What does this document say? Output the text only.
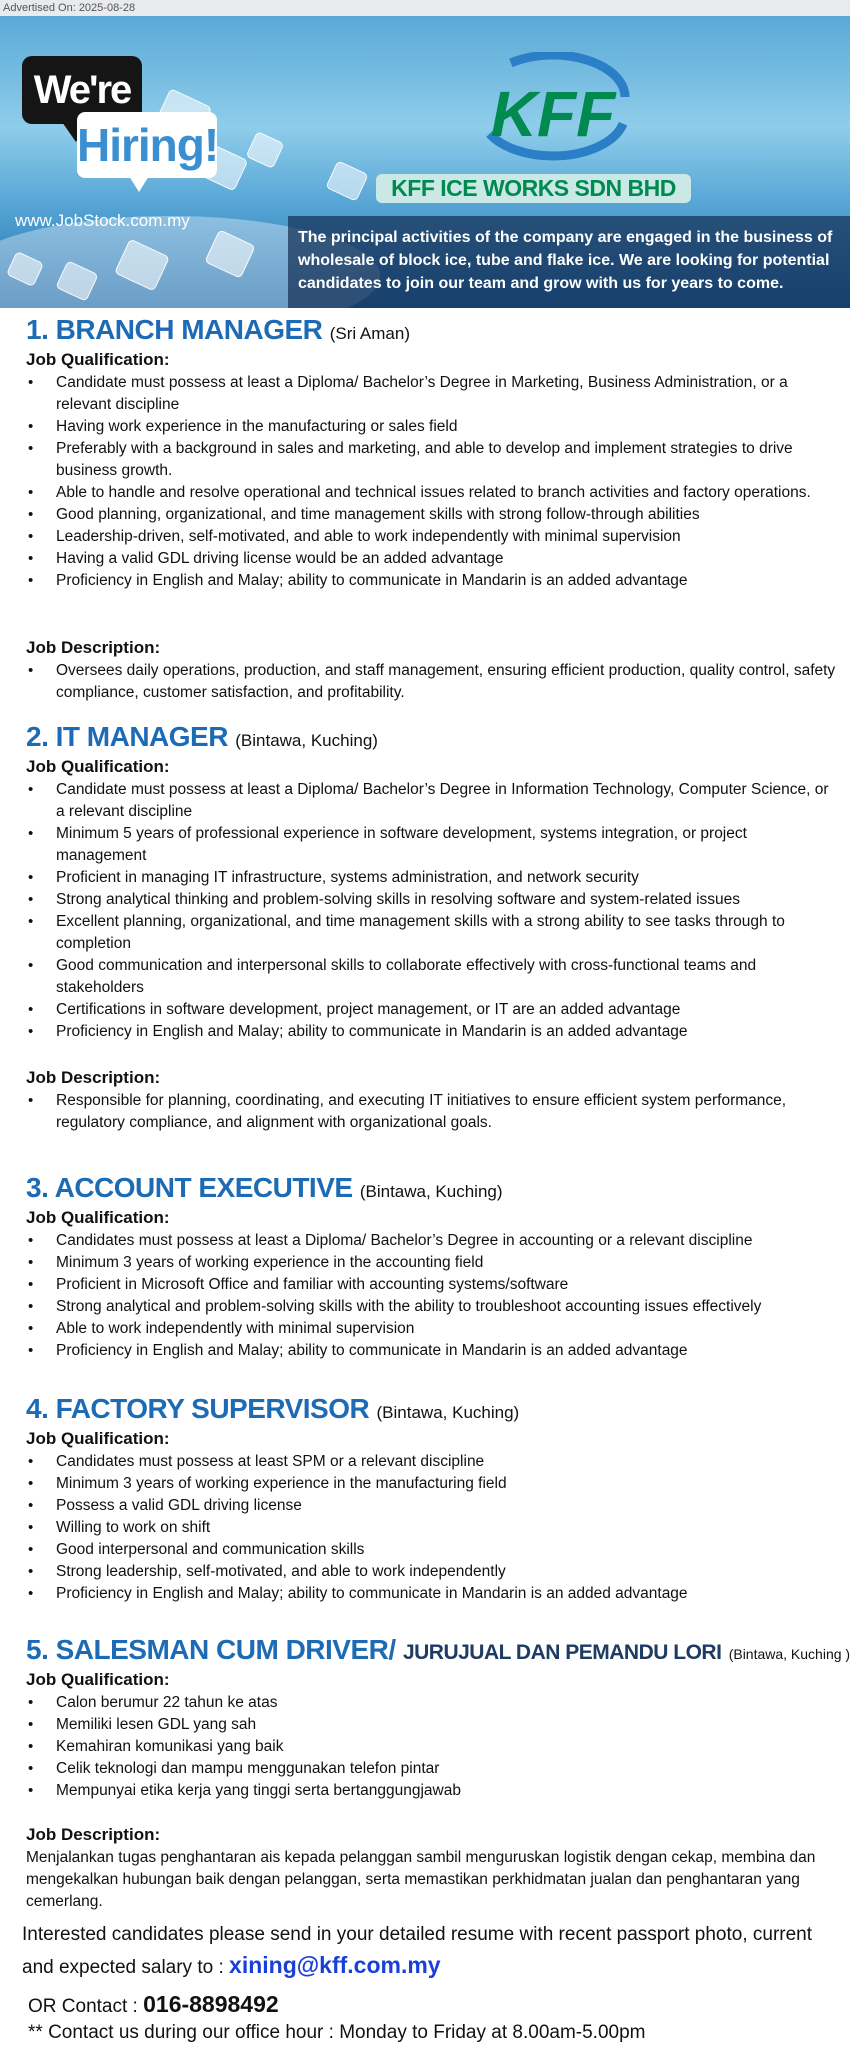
Advertised On: 2025-08-28
We're
Hiring!
www.JobStock.com.my
KFF
KFF ICE WORKS SDN BHD
The principal activities of the company are engaged in the business of wholesale of block ice, tube and flake ice. We are looking for potential candidates to join our team and grow with us for years to come.
1. BRANCH MANAGER (Sri Aman)
Job Qualification:
• Candidate must possess at least a Diploma/ Bachelor’s Degree in Marketing, Business Administration, or a relevant discipline
• Having work experience in the manufacturing or sales field
• Preferably with a background in sales and marketing, and able to develop and implement strategies to drive business growth.
• Able to handle and resolve operational and technical issues related to branch activities and factory operations.
• Good planning, organizational, and time management skills with strong follow-through abilities
• Leadership-driven, self-motivated, and able to work independently with minimal supervision
• Having a valid GDL driving license would be an added advantage
• Proficiency in English and Malay; ability to communicate in Mandarin is an added advantage
Job Description:
• Oversees daily operations, production, and staff management, ensuring efficient production, quality control, safety compliance, customer satisfaction, and profitability.
2. IT MANAGER (Bintawa, Kuching)
Job Qualification:
• Candidate must possess at least a Diploma/ Bachelor’s Degree in Information Technology, Computer Science, or a relevant discipline
• Minimum 5 years of professional experience in software development, systems integration, or project management
• Proficient in managing IT infrastructure, systems administration, and network security
• Strong analytical thinking and problem-solving skills in resolving software and system-related issues
• Excellent planning, organizational, and time management skills with a strong ability to see tasks through to completion
• Good communication and interpersonal skills to collaborate effectively with cross-functional teams and stakeholders
• Certifications in software development, project management, or IT are an added advantage
• Proficiency in English and Malay; ability to communicate in Mandarin is an added advantage
Job Description:
• Responsible for planning, coordinating, and executing IT initiatives to ensure efficient system performance, regulatory compliance, and alignment with organizational goals.
3. ACCOUNT EXECUTIVE (Bintawa, Kuching)
Job Qualification:
• Candidates must possess at least a Diploma/ Bachelor’s Degree in accounting or a relevant discipline
• Minimum 3 years of working experience in the accounting field
• Proficient in Microsoft Office and familiar with accounting systems/software
• Strong analytical and problem-solving skills with the ability to troubleshoot accounting issues effectively
• Able to work independently with minimal supervision
• Proficiency in English and Malay; ability to communicate in Mandarin is an added advantage
4. FACTORY SUPERVISOR (Bintawa, Kuching)
Job Qualification:
• Candidates must possess at least SPM or a relevant discipline
• Minimum 3 years of working experience in the manufacturing field
• Possess a valid GDL driving license
• Willing to work on shift
• Good interpersonal and communication skills
• Strong leadership, self-motivated, and able to work independently
• Proficiency in English and Malay; ability to communicate in Mandarin is an added advantage
5. SALESMAN CUM DRIVER/ JURUJUAL DAN PEMANDU LORI (Bintawa, Kuching )
Job Qualification:
• Calon berumur 22 tahun ke atas
• Memiliki lesen GDL yang sah
• Kemahiran komunikasi yang baik
• Celik teknologi dan mampu menggunakan telefon pintar
• Mempunyai etika kerja yang tinggi serta bertanggungjawab
Job Description:
Menjalankan tugas penghantaran ais kepada pelanggan sambil menguruskan logistik dengan cekap, membina dan mengekalkan hubungan baik dengan pelanggan, serta memastikan perkhidmatan jualan dan penghantaran yang cemerlang.
Interested candidates please send in your detailed resume with recent passport photo, current and expected salary to : xining@kff.com.my
OR Contact : 016-8898492
** Contact us during our office hour : Monday to Friday at 8.00am-5.00pm
